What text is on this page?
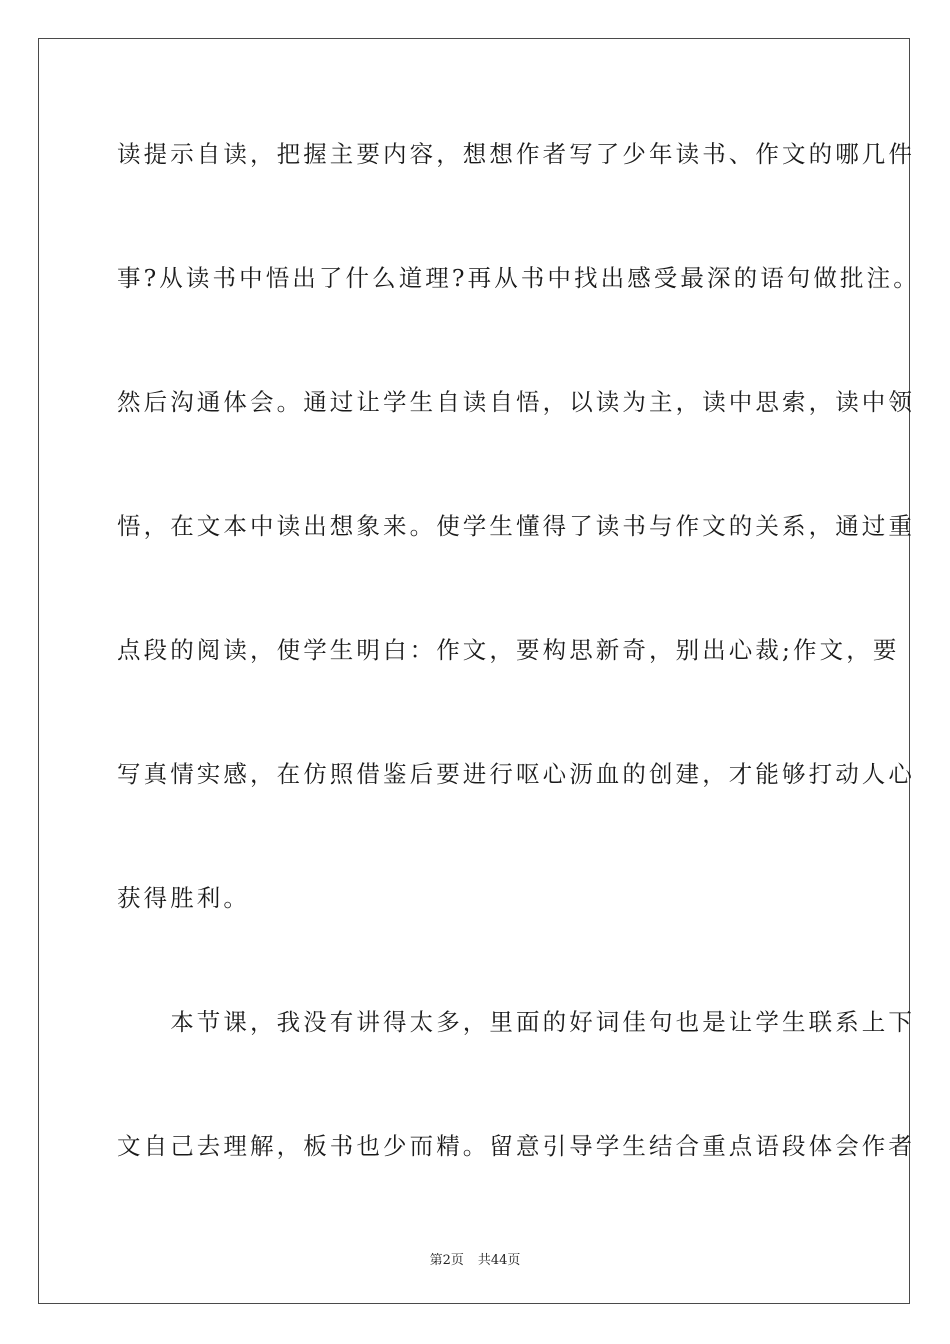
读提示自读，把握主要内容，想想作者写了少年读书、作文的哪几件
事?从读书中悟出了什么道理?再从书中找出感受最深的语句做批注。
然后沟通体会。通过让学生自读自悟，以读为主，读中思索，读中领
悟，在文本中读出想象来。使学生懂得了读书与作文的关系，通过重
点段的阅读，使学生明白：作文，要构思新奇，别出心裁;作文，要
写真情实感，在仿照借鉴后要进行呕心沥血的创建，才能够打动人心
获得胜利。
　　本节课，我没有讲得太多，里面的好词佳句也是让学生联系上下
文自己去理解，板书也少而精。留意引导学生结合重点语段体会作者
第2页 共44页
